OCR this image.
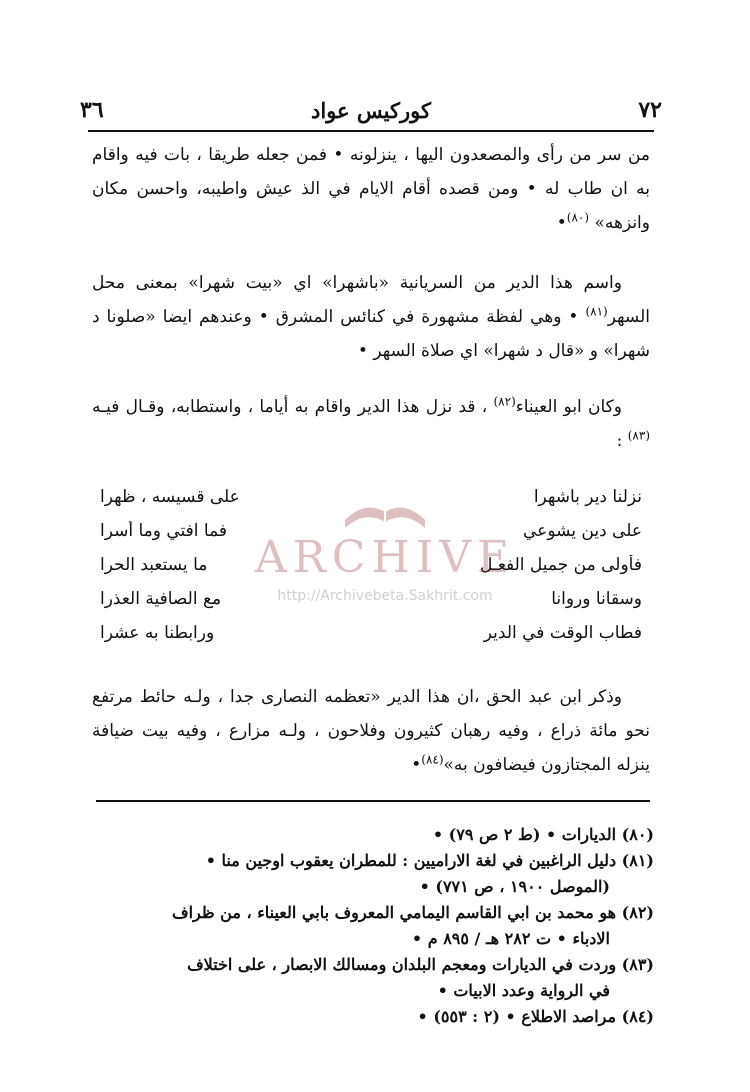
٧٢
كوركيس عواد
٣٦

من سر من رأى والمصعدون اليها ، ينزلونه • فمن جعله طريقا ، بات فيه واقام به ان طاب له • ومن قصده أقام الايام في الذ عيش واطيبه، واحسن مكان وانزهه» $^{(٨٠)}$•

واسم هذا الدير من السريانية «باشهرا» اي «بيت شهرا» بمعنى محل السهر$^{(٨١)}$ • وهي لفظة مشهورة في كنائس المشرق • وعندهم ايضا «صلونا د شهرا» و «قال د شهرا» اي صلاة السهر •

وكان ابو العيناء$^{(٨٢)}$ ، قد نزل هذا الدير واقام به أياما ، واستطابه، وقـال فيـه $^{(٨٣)}$ :

نزلنا دير باشهرا
على قسيسه ، ظهرا
على دين يشوعي
فما افتي وما أسرا
فأولى من جميل الفعـل
ما يستعبد الحرا
وسقانا وروانا
مع الصافية العذرا
فطاب الوقت في الدير
ورابطنا به عشرا
ARCHIVE
http://Archivebeta.Sakhrit.com

وذكر ابن عبد الحق ،ان هذا الدير «تعظمه النصارى جدا ، ولـه حائط مرتفع نحو مائة ذراع ، وفيه رهبان كثيرون وفلاحون ، ولـه مزارع ، وفيه بيت ضيافة ينزله المجتازون فيضافون به»$^{(٨٤)}$•

(٨٠) الديارات • (ط ٢ ص ٧٩) •

(٨١) دليل الراغبين في لغة الاراميين : للمطران يعقوب اوجين منا •

(الموصل ١٩٠٠ ، ص ٧٧١) •

(٨٢) هو محمد بن ابي القاسم اليمامي المعروف بابي العيناء ، من ظراف

الادباء • ت ٢٨٢ هـ / ٨٩٥ م •

(٨٣) وردت في الديارات ومعجم البلدان ومسالك الابصار ، على اختلاف

في الرواية وعدد الابيات •

(٨٤) مراصد الاطلاع • (٢ : ٥٥٣) •
